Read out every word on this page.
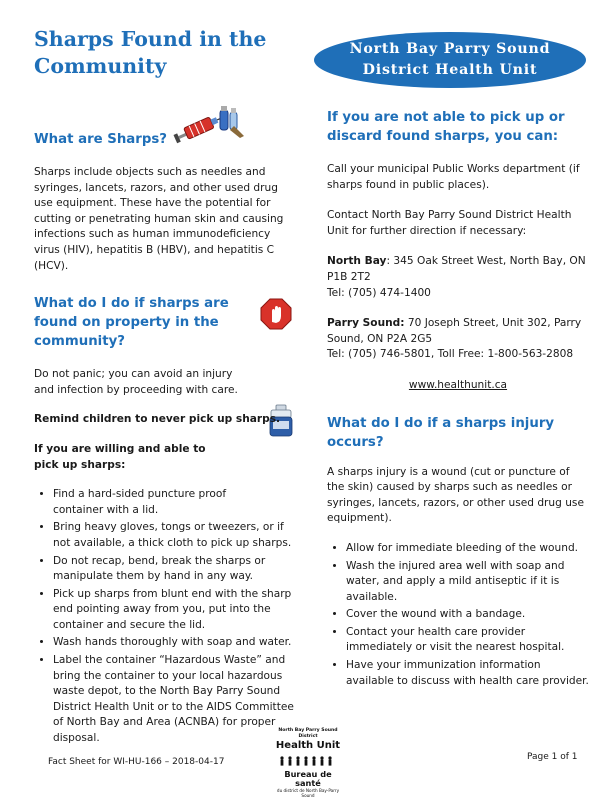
Sharps Found in the Community
North Bay Parry Sound
District Health Unit
What are Sharps?

Sharps include objects such as needles and syringes, lancets, razors, and other used drug use equipment. These have the potential for cutting or penetrating human skin and causing infections such as human immunodeficiency virus (HIV), hepatitis B (HBV), and hepatitis C (HCV).

What do I do if sharps are found on property in the community?

Do not panic; you can avoid an injury and infection by proceeding with care.

Remind children to never pick up sharps.

If you are willing and able to pick up sharps:

• Find a hard-sided puncture proof container with a lid.
• Bring heavy gloves, tongs or tweezers, or if not available, a thick cloth to pick up sharps.
• Do not recap, bend, break the sharps or manipulate them by hand in any way.
• Pick up sharps from blunt end with the sharp end pointing away from you, put into the container and secure the lid.
• Wash hands thoroughly with soap and water.
• Label the container “Hazardous Waste” and bring the container to your local hazardous waste depot, to the North Bay Parry Sound District Health Unit or to the AIDS Committee of North Bay and Area (ACNBA) for proper disposal.
If you are not able to pick up or discard found sharps, you can:

Call your municipal Public Works department (if sharps found in public places).

Contact North Bay Parry Sound District Health Unit for further direction if necessary:

North Bay: 345 Oak Street West, North Bay, ON
P1B 2T2
Tel: (705) 474-1400

Parry Sound: 70 Joseph Street, Unit 302, Parry Sound, ON P2A 2G5
Tel: (705) 746-5801, Toll Free: 1-800-563-2808

www.healthunit.ca

What do I do if a sharps injury occurs?

A sharps injury is a wound (cut or puncture of the skin) caused by sharps such as needles or syringes, lancets, razors, or other used drug use equipment).

• Allow for immediate bleeding of the wound.
• Wash the injured area well with soap and water, and apply a mild antiseptic if it is available.
• Cover the wound with a bandage.
• Contact your health care provider immediately or visit the nearest hospital.
• Have your immunization information available to discuss with health care provider.
Fact Sheet for WI-HU-166 – 2018-04-17	Page 1 of 1
North Bay Parry Sound District
Health Unit
Bureau de santé
du district de North Bay-Parry Sound
